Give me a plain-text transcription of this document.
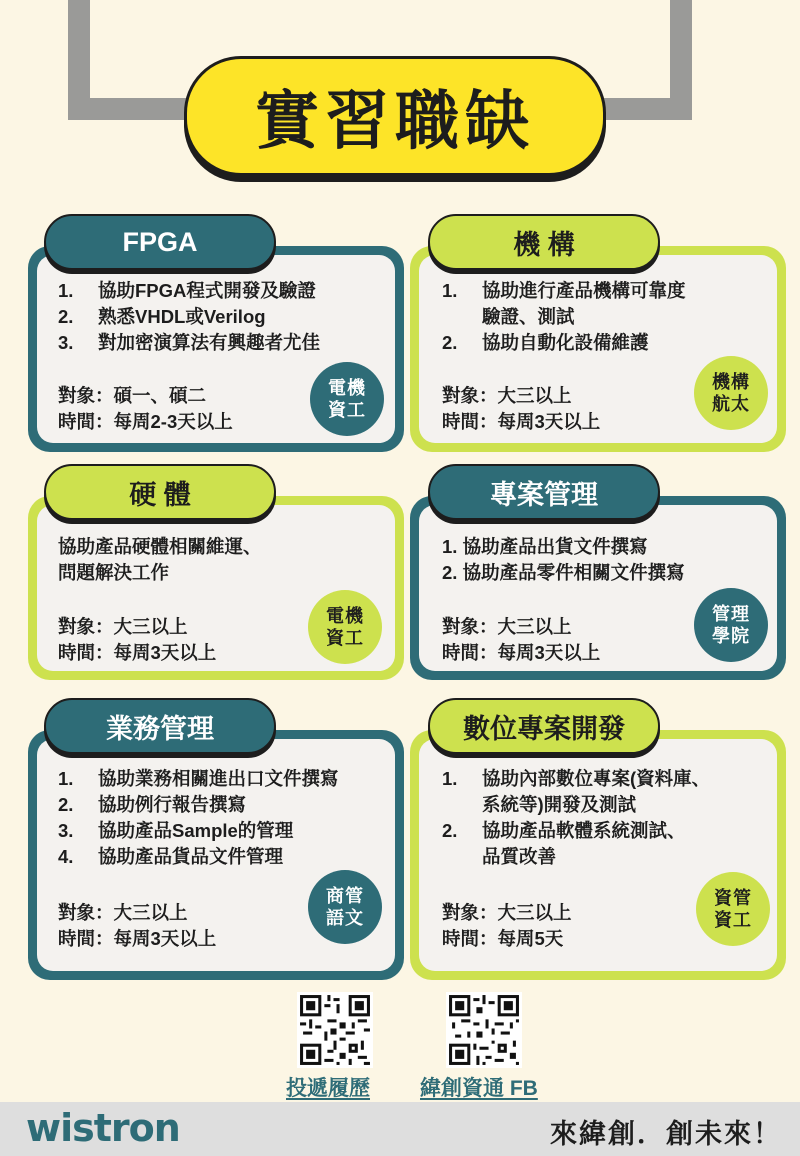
實習職缺
FPGA
1.	協助FPGA程式開發及驗證
2.	熟悉VHDL或Verilog
3.	對加密演算法有興趣者尤佳
對象：碩一、碩二
時間：每周2-3天以上
電機
資工
機 構
1.	協助進行產品機構可靠度
驗證、測試
2.	協助自動化設備維護
對象：大三以上
時間：每周3天以上
機構
航太
硬 體
協助產品硬體相關維運、
問題解決工作
對象：大三以上
時間：每周3天以上
電機
資工
專案管理
1. 協助產品出貨文件撰寫
2. 協助產品零件相關文件撰寫
對象：大三以上
時間：每周3天以上
管理
學院
業務管理
1.	協助業務相關進出口文件撰寫
2.	協助例行報告撰寫
3.	協助產品Sample的管理
4.	協助產品貨品文件管理
對象：大三以上
時間：每周3天以上
商管
語文
數位專案開發
1.	協助內部數位專案(資料庫、
系統等)開發及測試
2.	協助產品軟體系統測試、
品質改善
對象：大三以上
時間：每周5天
資管
資工
投遞履歷 緯創資通 FB
wistron	來緯創．創未來！
